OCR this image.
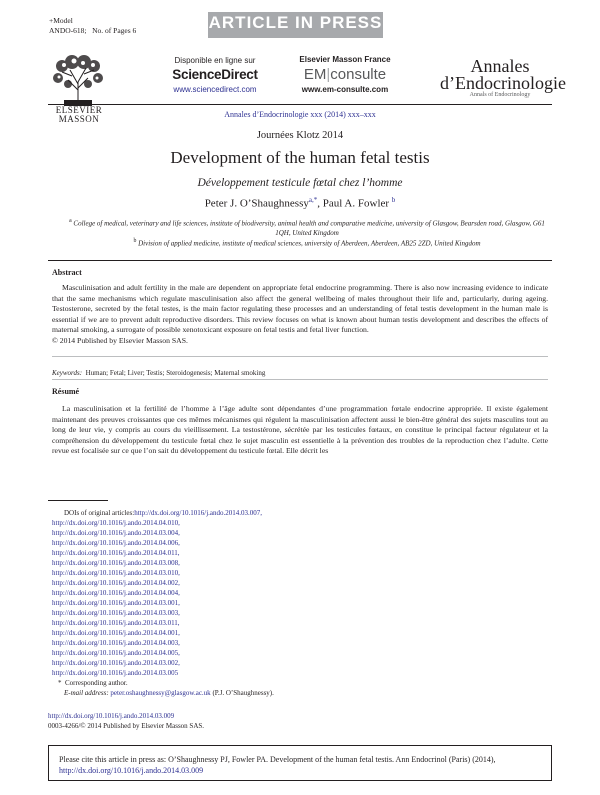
+Model
ANDO-618; No. of Pages 6	ARTICLE IN PRESS
ELSEVIER
MASSON
Disponible en ligne sur
ScienceDirect
www.sciencedirect.com
Elsevier Masson France
EM|consulte
www.em-consulte.com
Annales
d’Endocrinologie
Annals of Endocrinology
Annales d’Endocrinologie xxx (2014) xxx–xxx
Journées Klotz 2014
Development of the human fetal testis
Développement testicule fœtal chez l’homme
Peter J. O’Shaughnessy$^{a,*}$, Paul A. Fowler $^b$
$^a$ College of medical, veterinary and life sciences, institute of biodiversity, animal health and comparative medicine, university of Glasgow, Bearsden road, Glasgow, G61 1QH, United Kingdom
$^b$ Division of applied medicine, institute of medical sciences, university of Aberdeen, Aberdeen, AB25 2ZD, United Kingdom
Abstract
Masculinisation and adult fertility in the male are dependent on appropriate fetal endocrine programming. There is also now increasing evidence to indicate that the same mechanisms which regulate masculinisation also affect the general wellbeing of males throughout their life and, particularly, during ageing. Testosterone, secreted by the fetal testes, is the main factor regulating these processes and an understanding of fetal testis development in the human male is essential if we are to prevent adult reproductive disorders. This review focuses on what is known about human testis development and describes the effects of maternal smoking, a surrogate of possible xenotoxicant exposure on fetal testis and fetal liver function.
© 2014 Published by Elsevier Masson SAS.
Keywords: Human; Fetal; Liver; Testis; Steroidogenesis; Maternal smoking
Résumé
La masculinisation et la fertilité de l’homme à l’âge adulte sont dépendantes d’une programmation fœtale endocrine appropriée. Il existe également maintenant des preuves croissantes que ces mêmes mécanismes qui régulent la masculinisation affectent aussi le bien-être général des sujets masculins tout au long de leur vie, y compris au cours du vieillissement. La testostérone, sécrétée par les testicules fœtaux, en constitue le principal facteur régulateur et la compréhension du développement du testicule fœtal chez le sujet masculin est essentielle à la prévention des troubles de la reproduction chez l’adulte. Cette revue est focalisée sur ce que l’on sait du développement du testicule fœtal. Elle décrit les
DOIs of original articles:http://dx.doi.org/10.1016/j.ando.2014.03.007,
http://dx.doi.org/10.1016/j.ando.2014.04.010,
http://dx.doi.org/10.1016/j.ando.2014.03.004,
http://dx.doi.org/10.1016/j.ando.2014.04.006,
http://dx.doi.org/10.1016/j.ando.2014.04.011,
http://dx.doi.org/10.1016/j.ando.2014.03.008,
http://dx.doi.org/10.1016/j.ando.2014.03.010,
http://dx.doi.org/10.1016/j.ando.2014.04.002,
http://dx.doi.org/10.1016/j.ando.2014.04.004,
http://dx.doi.org/10.1016/j.ando.2014.03.001,
http://dx.doi.org/10.1016/j.ando.2014.03.003,
http://dx.doi.org/10.1016/j.ando.2014.03.011,
http://dx.doi.org/10.1016/j.ando.2014.04.001,
http://dx.doi.org/10.1016/j.ando.2014.04.003,
http://dx.doi.org/10.1016/j.ando.2014.04.005,
http://dx.doi.org/10.1016/j.ando.2014.03.002,
http://dx.doi.org/10.1016/j.ando.2014.03.005
* Corresponding author.
E-mail address: peter.oshaughnessy@glasgow.ac.uk (P.J. O’Shaughnessy).
http://dx.doi.org/10.1016/j.ando.2014.03.009
0003-4266/© 2014 Published by Elsevier Masson SAS.
Please cite this article in press as: O’Shaughnessy PJ, Fowler PA. Development of the human fetal testis. Ann Endocrinol (Paris) (2014),
http://dx.doi.org/10.1016/j.ando.2014.03.009
